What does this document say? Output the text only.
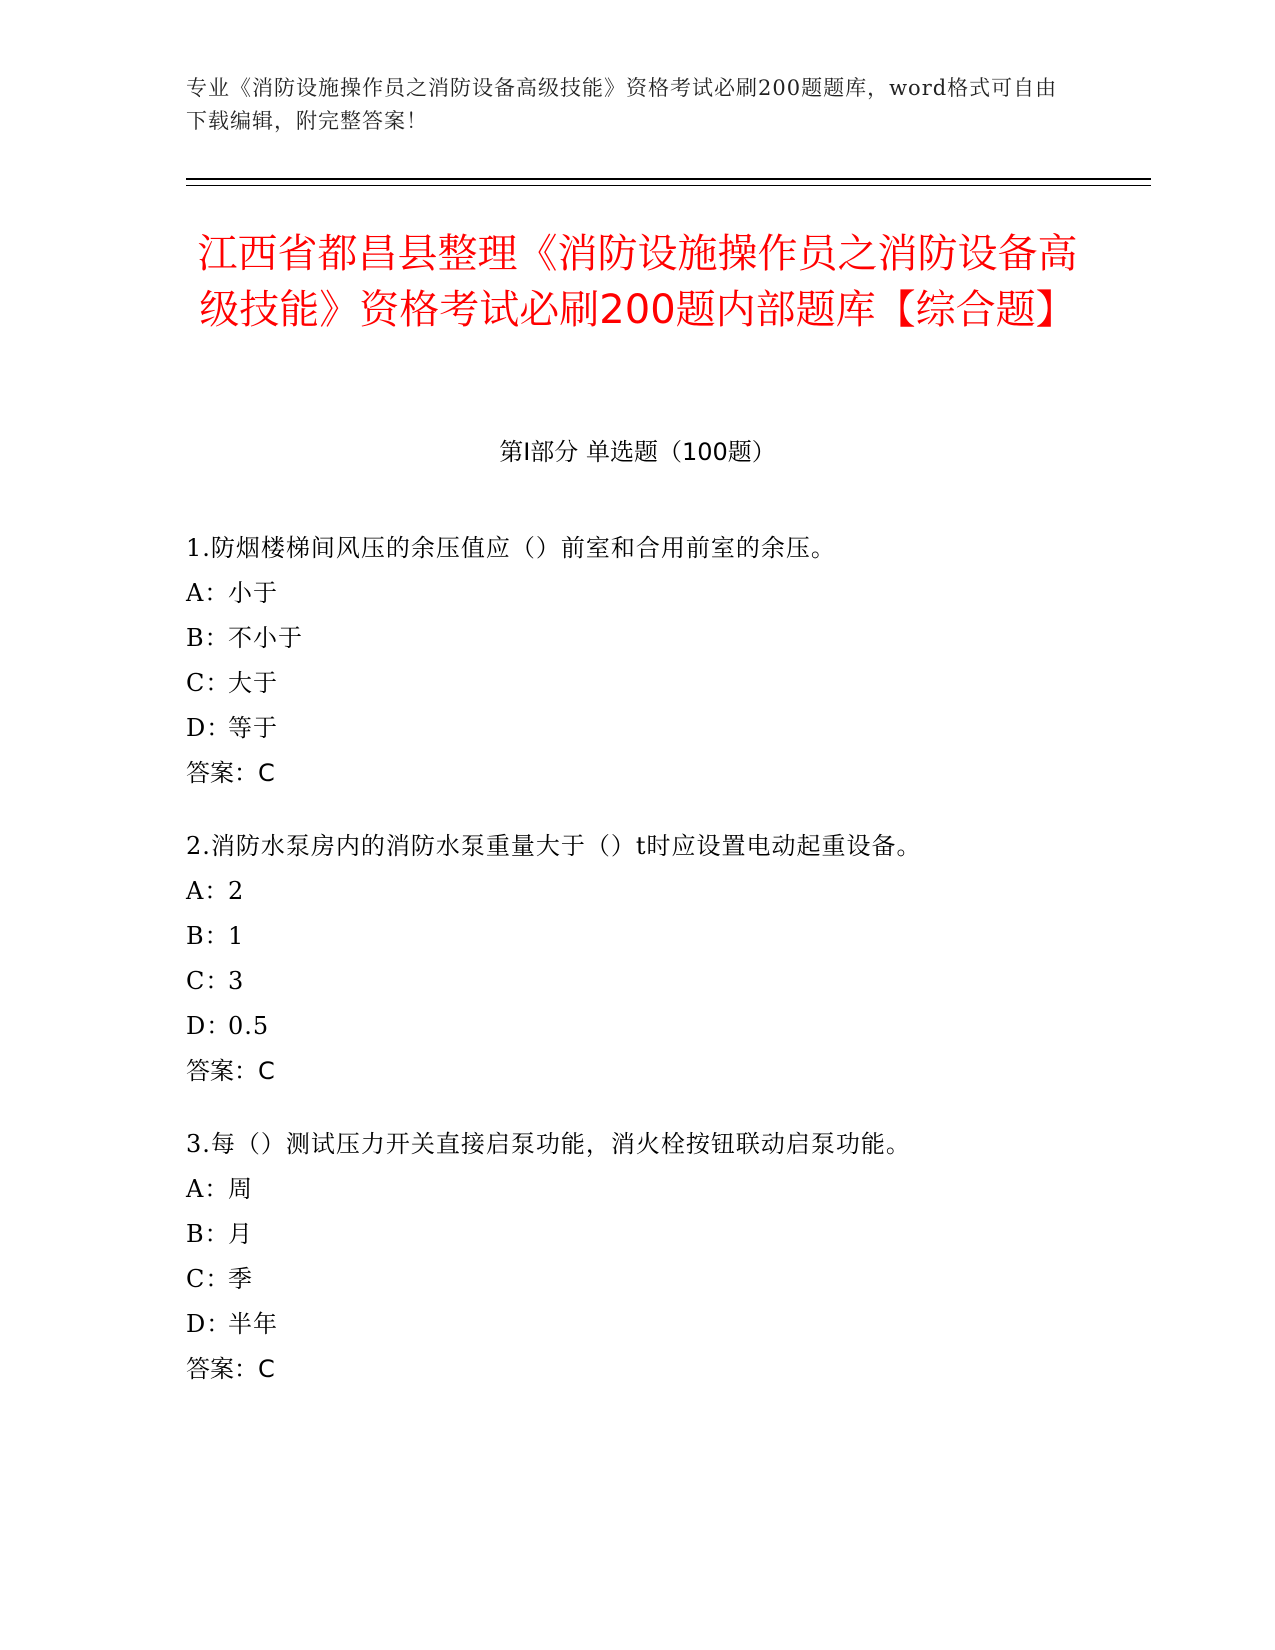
专业《消防设施操作员之消防设备高级技能》资格考试必刷200题题库，word格式可自由下载编辑，附完整答案！
江西省都昌县整理《消防设施操作员之消防设备高级技能》资格考试必刷200题内部题库【综合题】
第Ⅰ部分 单选题（100题）
1.防烟楼梯间风压的余压值应（）前室和合用前室的余压。
A：小于
B：不小于
C：大于
D：等于
答案：C
2.消防水泵房内的消防水泵重量大于（）t时应设置电动起重设备。
A：2
B：1
C：3
D：0.5
答案：C
3.每（）测试压力开关直接启泵功能，消火栓按钮联动启泵功能。
A：周
B：月
C：季
D：半年
答案：C
